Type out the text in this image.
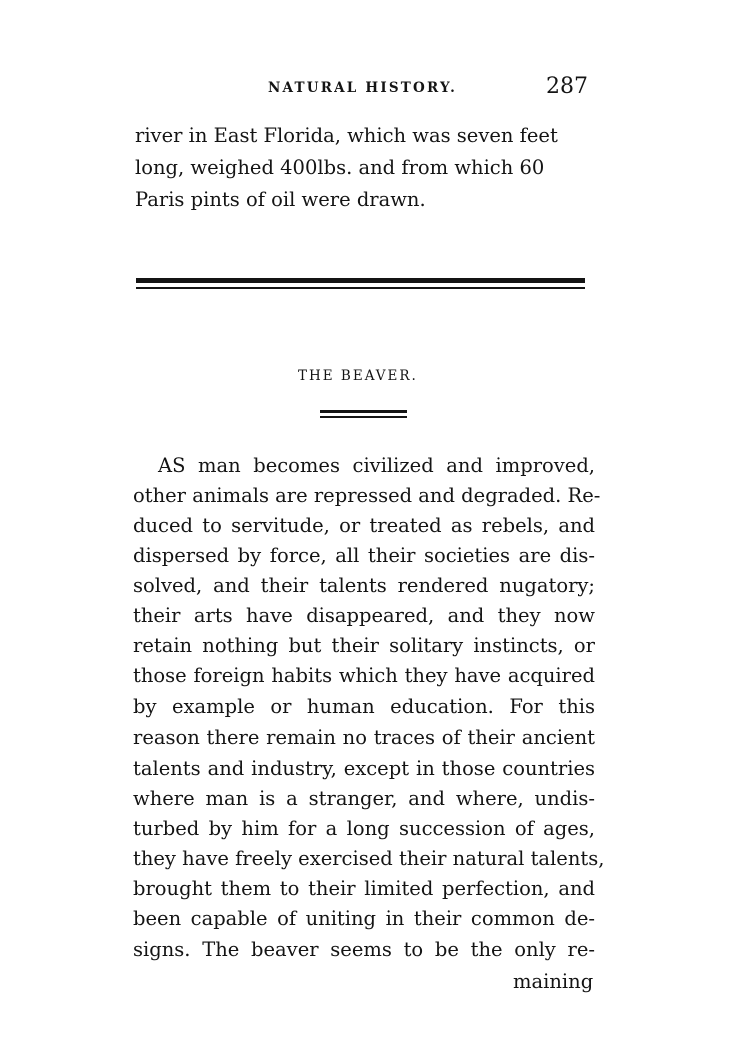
NATURAL HISTORY.	287
river in East Florida, which was seven feet
long, weighed 400lbs. and from which 60
Paris pints of oil were drawn.
THE BEAVER.
AS man becomes civilized and improved,
other animals are repressed and degraded. Re-
duced to servitude, or treated as rebels, and
dispersed by force, all their societies are dis-
solved, and their talents rendered nugatory;
their arts have disappeared, and they now
retain nothing but their solitary instincts, or
those foreign habits which they have acquired
by example or human education. For this
reason there remain no traces of their ancient
talents and industry, except in those countries
where man is a stranger, and where, undis-
turbed by him for a long succession of ages,
they have freely exercised their natural talents,
brought them to their limited perfection, and
been capable of uniting in their common de-
signs. The beaver seems to be the only re-
maining
